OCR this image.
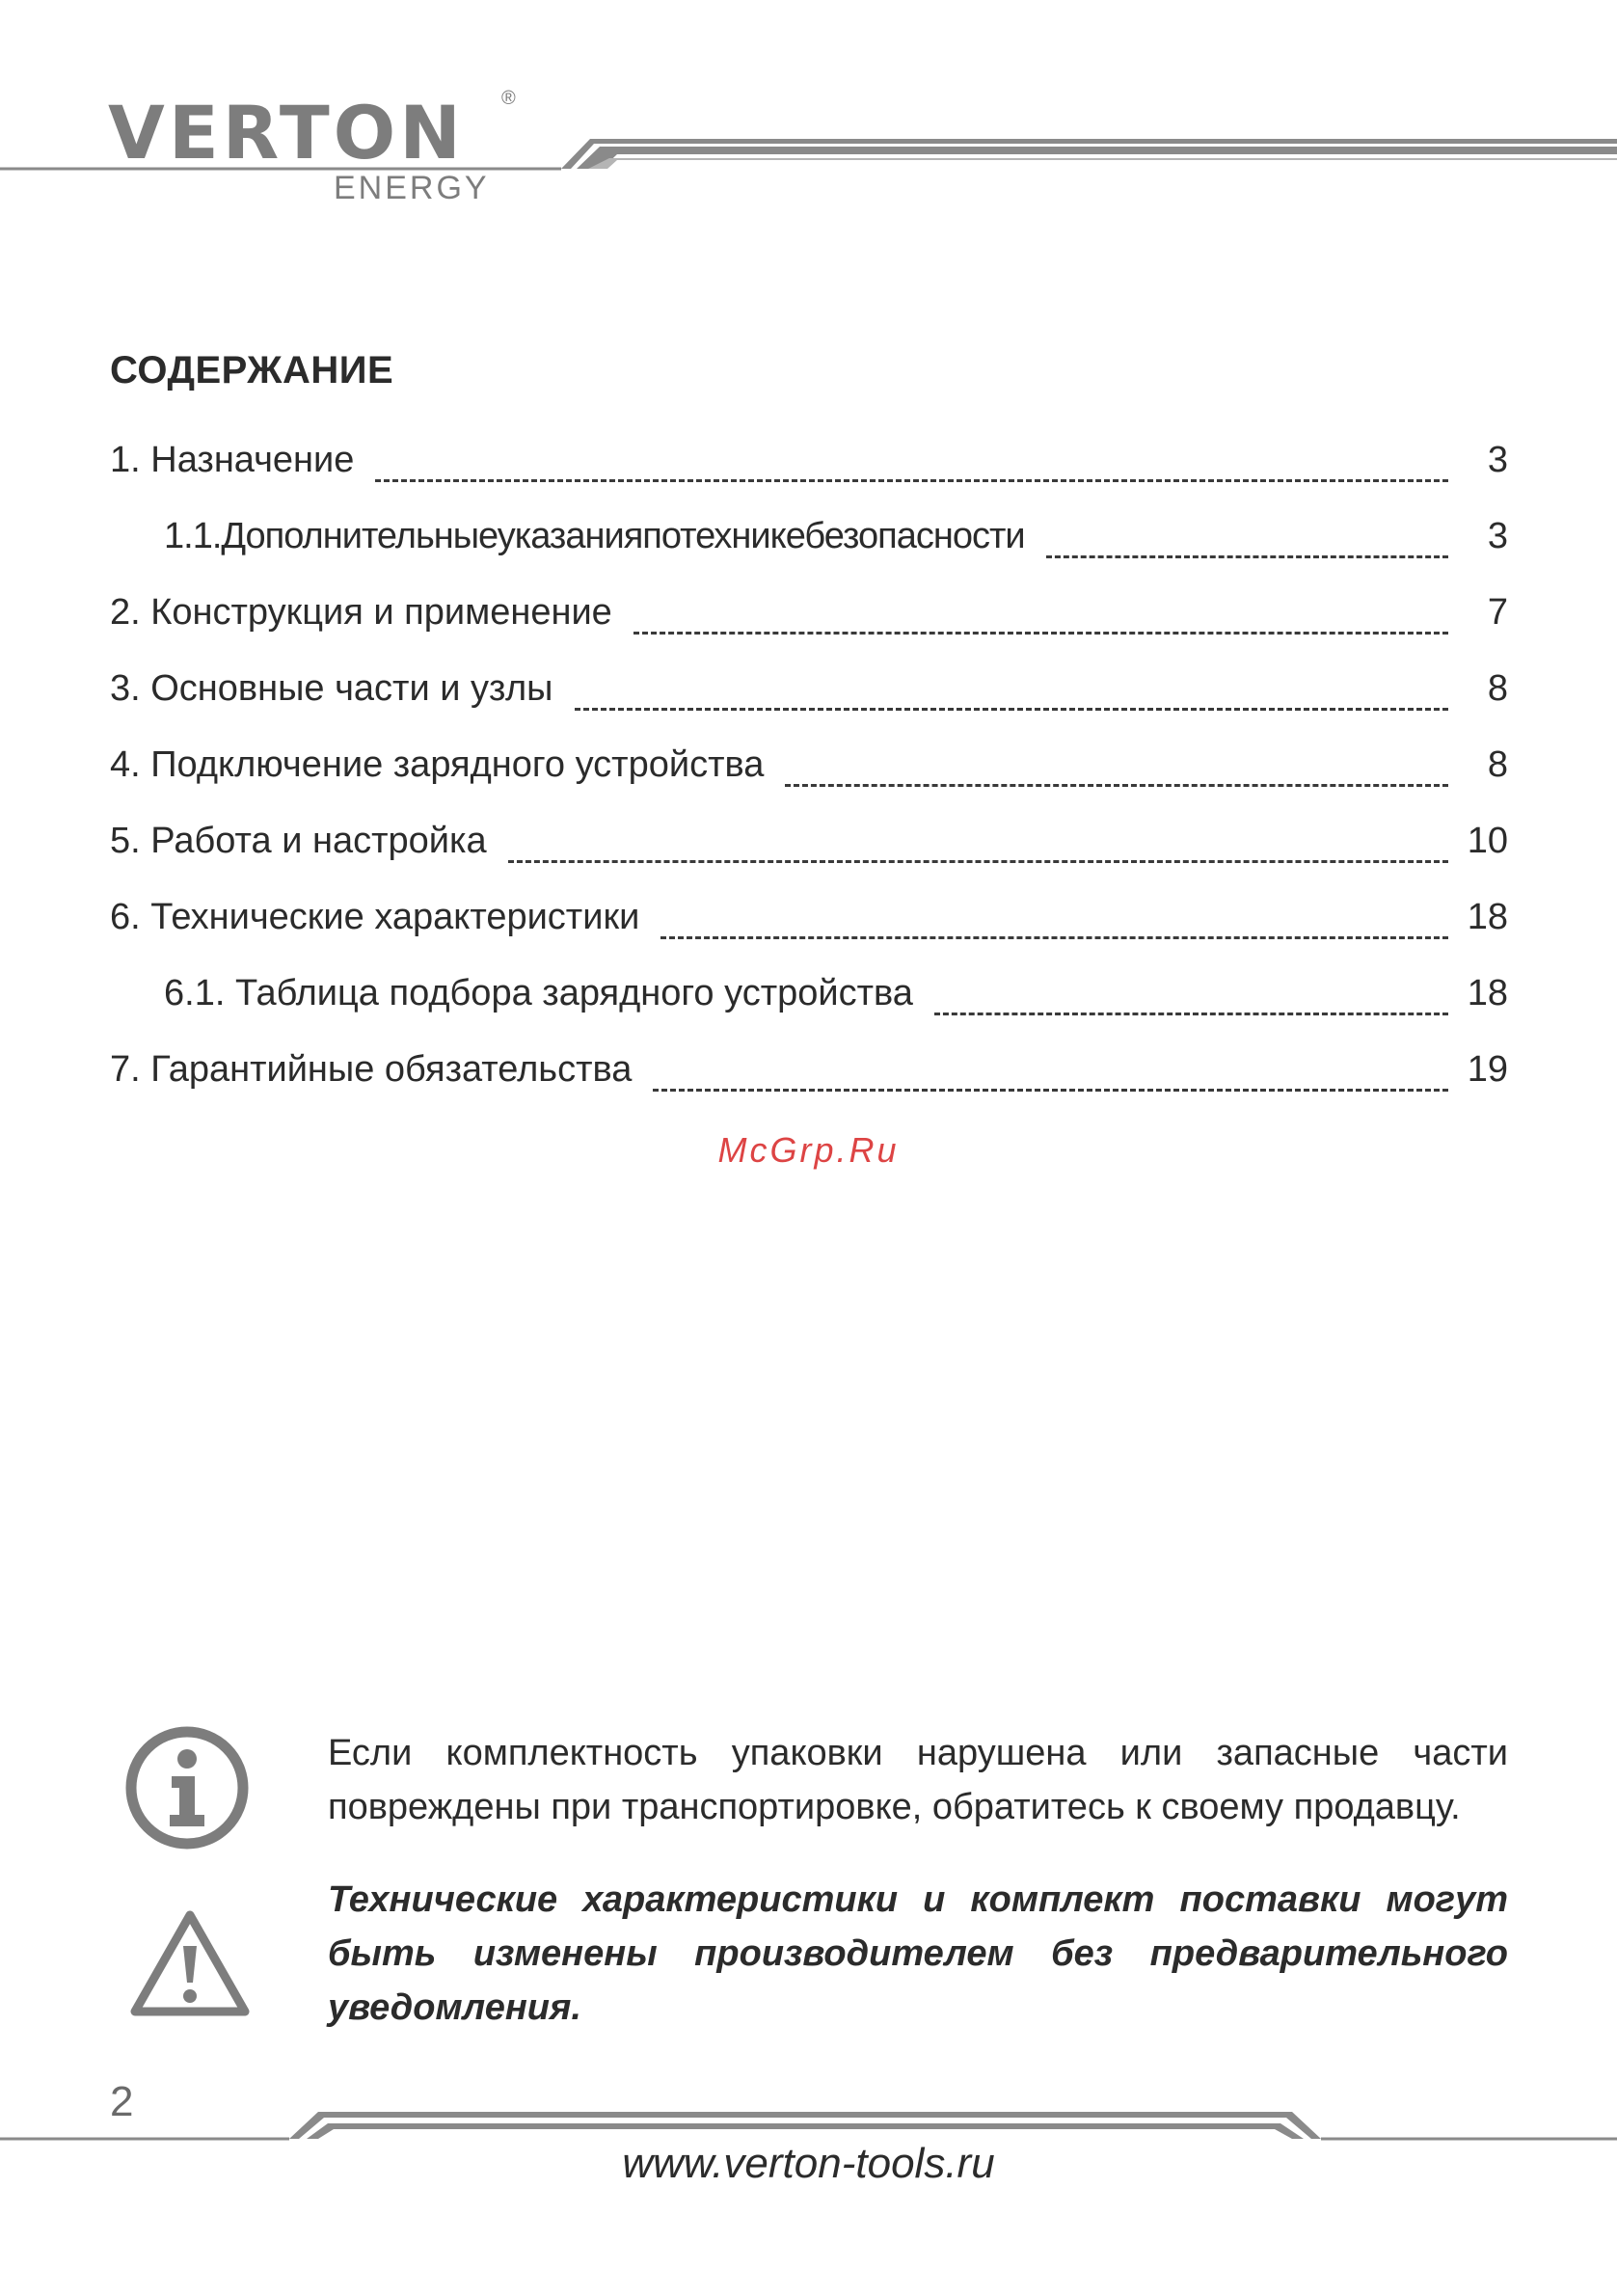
VERTON ®
ENERGY
СОДЕРЖАНИЕ
1. Назначение	3
1.1.Дополнительныеуказанияпотехникебезопасности	3
2. Конструкция и применение	7
3. Основные части и узлы	8
4. Подключение зарядного устройства	8
5. Работа и настройка	10
6. Технические характеристики	18
6.1. Таблица подбора зарядного устройства	18
7. Гарантийные обязательства	19
McGrp.Ru
Если комплектность упаковки нарушена или запасные части повреждены при транспортировке, обратитесь к своему продавцу.
Технические характеристики и комплект поставки могут быть изменены производителем без предварительного уведомления.
2
www.verton-tools.ru
